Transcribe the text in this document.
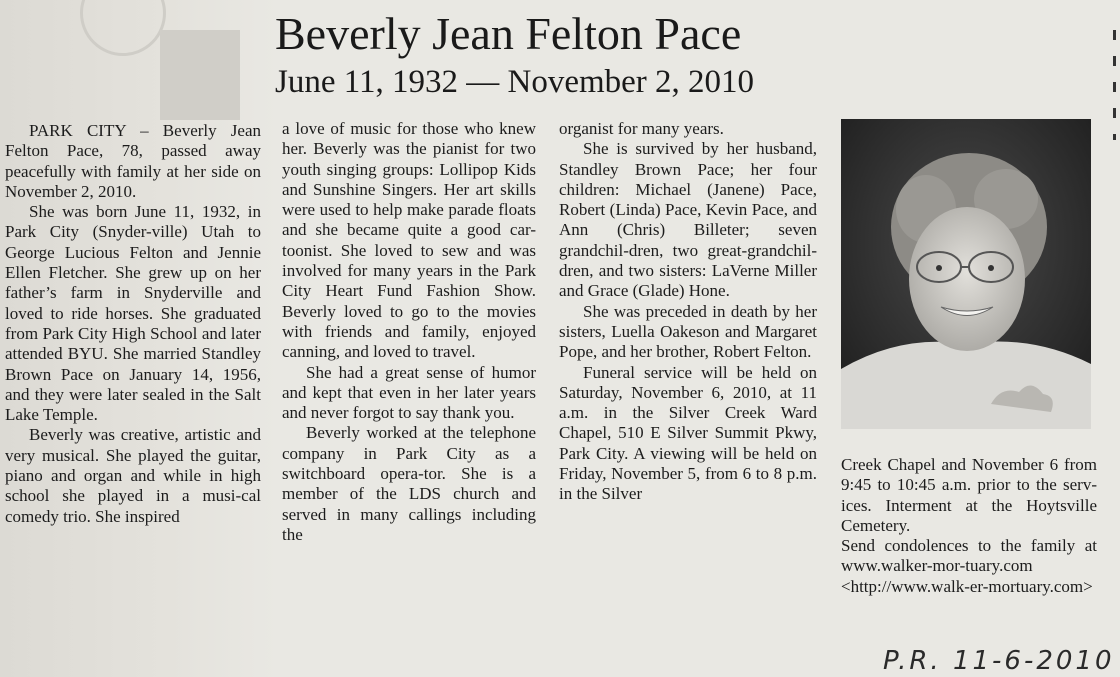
Beverly Jean Felton Pace
June 11, 1932 — November 2, 2010

PARK CITY – Beverly Jean Felton Pace, 78, passed away peacefully with family at her side on November 2, 2010.

She was born June 11, 1932, in Park City (Snyder-ville) Utah to George Lucious Felton and Jennie Ellen Fletcher. She grew up on her father’s farm in Snyderville and loved to ride horses. She graduated from Park City High School and later attended BYU. She married Standley Brown Pace on January 14, 1956, and they were later sealed in the Salt Lake Temple.

Beverly was creative, artistic and very musical. She played the guitar, piano and organ and while in high school she played in a musi-cal comedy trio. She inspired

a love of music for those who knew her. Beverly was the pianist for two youth singing groups: Lollipop Kids and Sunshine Singers. Her art skills were used to help make parade floats and she became quite a good car-toonist. She loved to sew and was involved for many years in the Park City Heart Fund Fashion Show. Beverly loved to go to the movies with friends and family, enjoyed canning, and loved to travel.

She had a great sense of humor and kept that even in her later years and never forgot to say thank you.

Beverly worked at the telephone company in Park City as a switchboard opera-tor. She is a member of the LDS church and served in many callings including the

organist for many years.

She is survived by her husband, Standley Brown Pace; her four children: Michael (Janene) Pace, Robert (Linda) Pace, Kevin Pace, and Ann (Chris) Billeter; seven grandchil-dren, two great-grandchil-dren, and two sisters: LaVerne Miller and Grace (Glade) Hone.

She was preceded in death by her sisters, Luella Oakeson and Margaret Pope, and her brother, Robert Felton.

Funeral service will be held on Saturday, November 6, 2010, at 11 a.m. in the Silver Creek Ward Chapel, 510 E Silver Summit Pkwy, Park City. A viewing will be held on Friday, November 5, from 6 to 8 p.m. in the Silver

Creek Chapel and November 6 from 9:45 to 10:45 a.m. prior to the serv-ices. Interment at the Hoytsville Cemetery.

Send condolences to the family at www.walker-mor-tuary.com <http://www.walk-er-mortuary.com>

P.R. 11-6-2010
